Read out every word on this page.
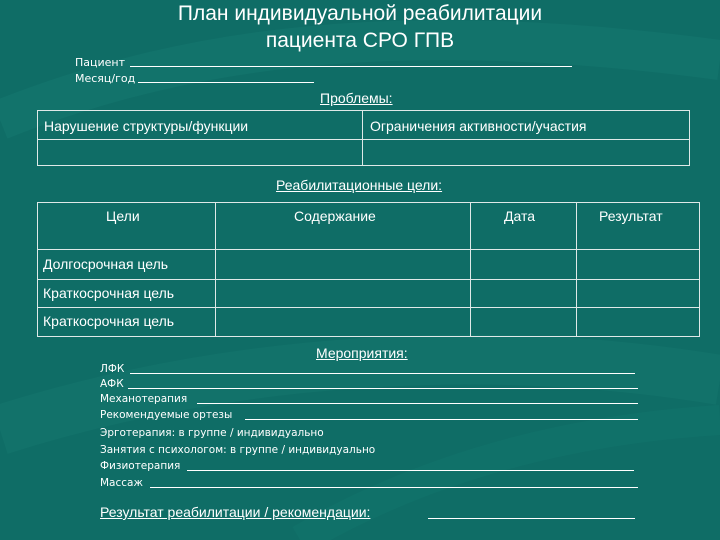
План индивидуальной реабилитации
пациента СРО ГПВ
Пациент
Месяц/год
Проблемы:
Нарушение структуры/функции	Ограничения активности/участия
Реабилитационные цели:
Цели	Содержание	Дата	Результат
Долгосрочная цель
Краткосрочная цель
Краткосрочная цель
Мероприятия:
ЛФК
АФК
Механотерапия
Рекомендуемые ортезы
Эрготерапия: в группе / индивидуально
Занятия с психологом: в группе / индивидуально
Физиотерапия
Массаж
Результат реабилитации / рекомендации:
